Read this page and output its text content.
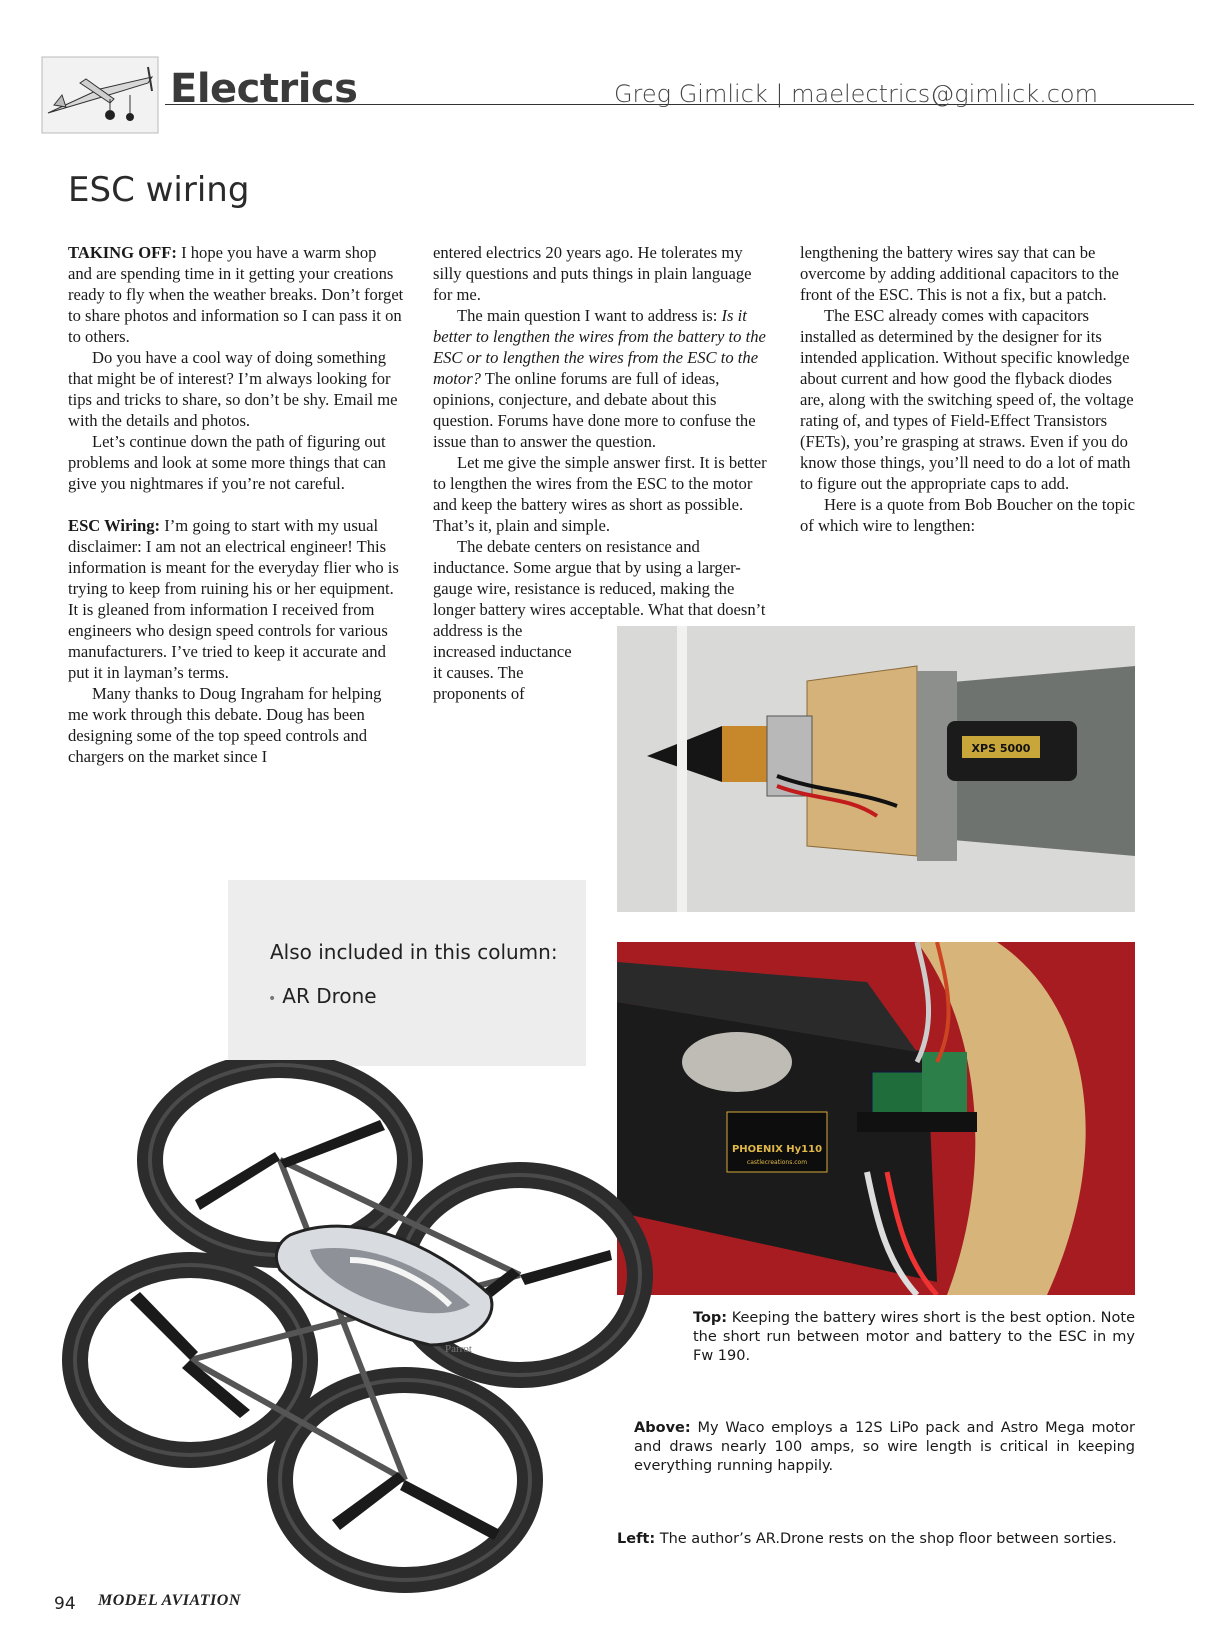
Electrics	Greg Gimlick | maelectrics@gimlick.com
ESC wiring

TAKING OFF: I hope you have a warm shop and are spending time in it getting your creations ready to fly when the weather breaks. Don’t forget to share photos and information so I can pass it on to others.

Do you have a cool way of doing something that might be of interest? I’m always looking for tips and tricks to share, so don’t be shy. Email me with the details and photos.

Let’s continue down the path of figuring out problems and look at some more things that can give you nightmares if you’re not careful.

ESC Wiring: I’m going to start with my usual disclaimer: I am not an electrical engineer! This information is meant for the everyday flier who is trying to keep from ruining his or her equipment. It is gleaned from information I received from engineers who design speed controls for various manufacturers. I’ve tried to keep it accurate and put it in layman’s terms.

Many thanks to Doug Ingraham for helping me work through this debate. Doug has been designing some of the top speed controls and chargers on the market since I

entered electrics 20 years ago. He tolerates my silly questions and puts things in plain language for me.

The main question I want to address is: Is it better to lengthen the wires from the battery to the ESC or to lengthen the wires from the ESC to the motor? The online forums are full of ideas, opinions, conjecture, and debate about this question. Forums have done more to confuse the issue than to answer the question.

Let me give the simple answer first. It is better to lengthen the wires from the ESC to the motor and keep the battery wires as short as possible. That’s it, plain and simple.

The debate centers on resistance and inductance. Some argue that by using a larger-gauge wire, resistance is reduced, making the longer battery wires acceptable. What that doesn’t address is the increased inductance it causes. The proponents of

lengthening the battery wires say that can be overcome by adding additional capacitors to the front of the ESC. This is not a fix, but a patch.

The ESC already comes with capacitors installed as determined by the designer for its intended application. Without specific knowledge about current and how good the flyback diodes are, along with the switching speed of, the voltage rating of, and types of Field-Effect Transistors (FETs), you’re grasping at straws. Even if you do know those things, you’ll need to do a lot of math to figure out the appropriate caps to add.

Here is a quote from Bob Boucher on the topic of which wire to lengthen:

XPS 5000
PHOENIX Hy110
castlecreations.com
Also included in this column:
• AR Drone
Parrot
Top: Keeping the battery wires short is the best option. Note the short run between motor and battery to the ESC in my Fw 190.
Above: My Waco employs a 12S LiPo pack and Astro Mega motor and draws nearly 100 amps, so wire length is critical in keeping everything running happily.
Left: The author’s AR.Drone rests on the shop floor between sorties.
94 MODEL AVIATION
